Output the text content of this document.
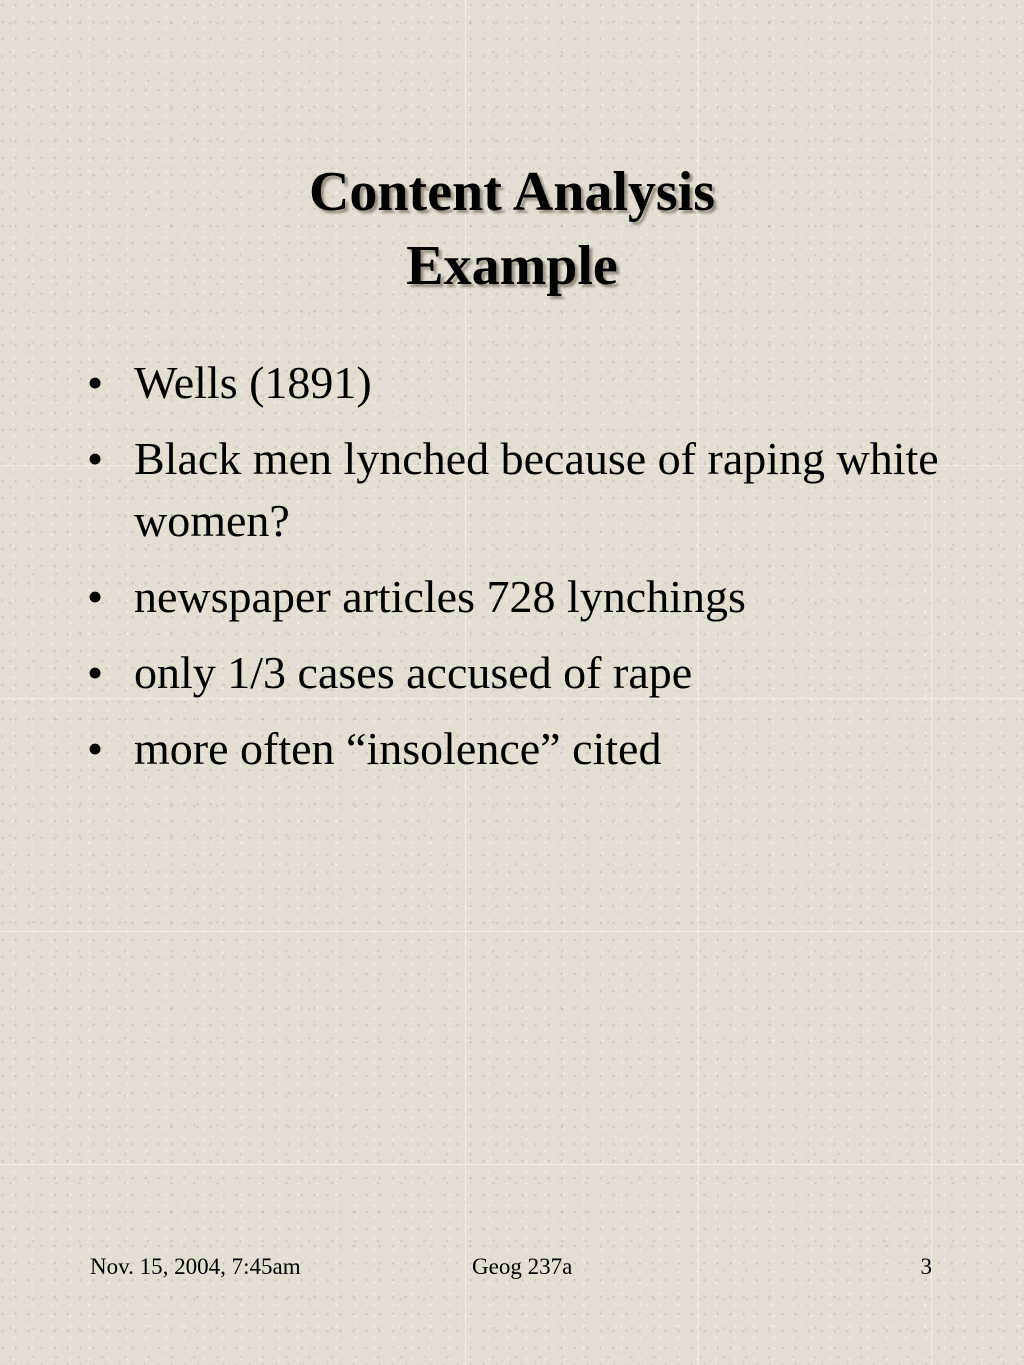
Content Analysis
Example
• Wells (1891)
• Black men lynched because of raping white women?
• newspaper articles 728 lynchings
• only 1/3 cases accused of rape
• more often “insolence” cited
Nov. 15, 2004, 7:45am	Geog 237a	3
